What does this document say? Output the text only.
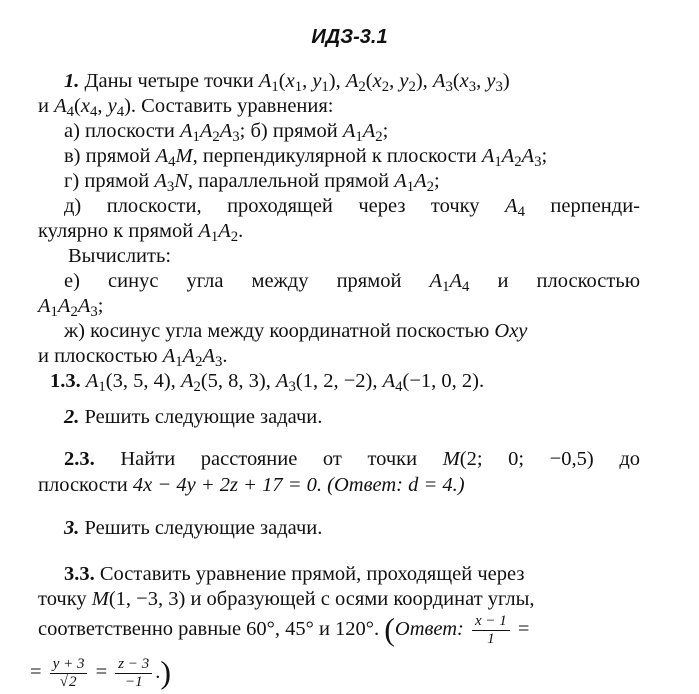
ИДЗ-3.1
1. Даны четыре точки $A_1(x_1$, $y_1$), $A_2(x_2$, $y_2$), $A_3(x_3$, $y_3$)
и $A_4(x_4$, $y_4$). Составить уравнения:
а) плоскости $A_1A_2A_3$; б) прямой $A_1A_2$;
в) прямой $A_4M$, перпендикулярной к плоскости $A_1A_2A_3$;
г) прямой $A_3N$, параллельной прямой $A_1A_2$;
д) плоскости, проходящей через точку $A_4$ перпенди-
кулярно к прямой $A_1A_2$.
Вычислить:
е) синус угла между прямой $A_1A_4$ и плоскостью
$A_1A_2A_3$;
ж) косинус угла между координатной поскостью Oxy
и плоскостью $A_1A_2A_3$.
1.3. $A_1(3$, 5, 4), $A_2(5$, 8, 3), $A_3(1$, 2, −2), $A_4(-1$, 0, 2).
2. Решить следующие задачи.
2.3. Найти расстояние от точки M(2; 0; −0,5) до
плоскости 4x − 4y + 2z + 17 = 0. (Ответ: d = 4.)
3. Решить следующие задачи.
3.3. Составить уравнение прямой, проходящей через
точку M(1, −3, 3) и образующей с осями координат углы,
соответственно равные 60°, 45° и 120°. (Ответ: $\frac{x - 1}{1}$ =
= $\frac{y + 3}{√2} = \frac{z - 3}{-1}$ .)
